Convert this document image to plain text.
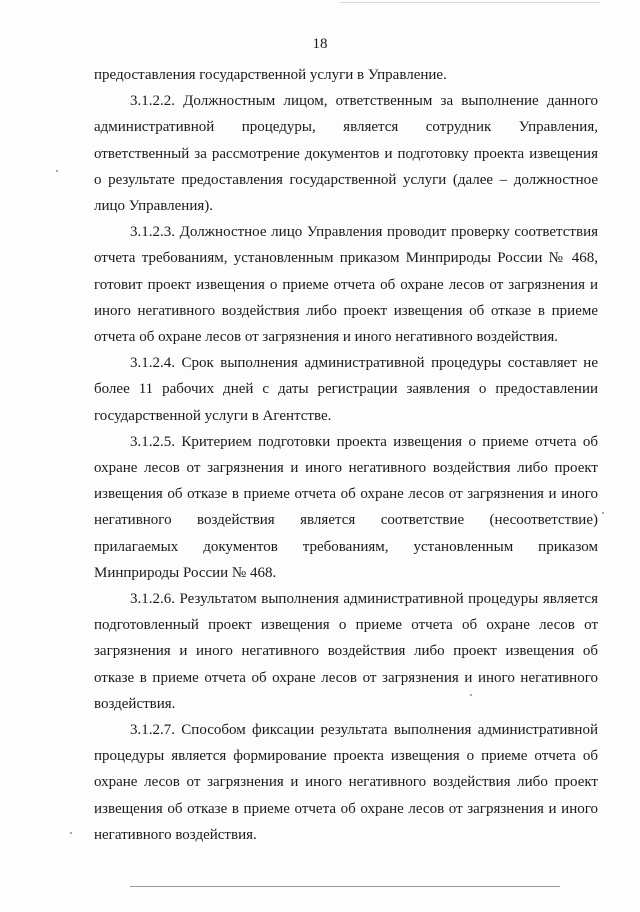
18

предоставления государственной услуги в Управление.

3.1.2.2. Должностным лицом, ответственным за выполнение данного административной процедуры, является сотрудник Управления, ответственный за рассмотрение документов и подготовку проекта извещения о результате предоставления государственной услуги (далее – должностное лицо Управления).

3.1.2.3. Должностное лицо Управления проводит проверку соответствия отчета требованиям, установленным приказом Минприроды России № 468, готовит проект извещения о приеме отчета об охране лесов от загрязнения и иного негативного воздействия либо проект извещения об отказе в приеме отчета об охране лесов от загрязнения и иного негативного воздействия.

3.1.2.4. Срок выполнения административной процедуры составляет не более 11 рабочих дней с даты регистрации заявления о предоставлении государственной услуги в Агентстве.

3.1.2.5. Критерием подготовки проекта извещения о приеме отчета об охране лесов от загрязнения и иного негативного воздействия либо проект извещения об отказе в приеме отчета об охране лесов от загрязнения и иного негативного воздействия является соответствие (несоответствие) прилагаемых документов требованиям, установленным приказом Минприроды России № 468.

3.1.2.6. Результатом выполнения административной процедуры является подготовленный проект извещения о приеме отчета об охране лесов от загрязнения и иного негативного воздействия либо проект извещения об отказе в приеме отчета об охране лесов от загрязнения и иного негативного воздействия.

3.1.2.7. Способом фиксации результата выполнения административной процедуры является формирование проекта извещения о приеме отчета об охране лесов от загрязнения и иного негативного воздействия либо проект извещения об отказе в приеме отчета об охране лесов от загрязнения и иного негативного воздействия.
